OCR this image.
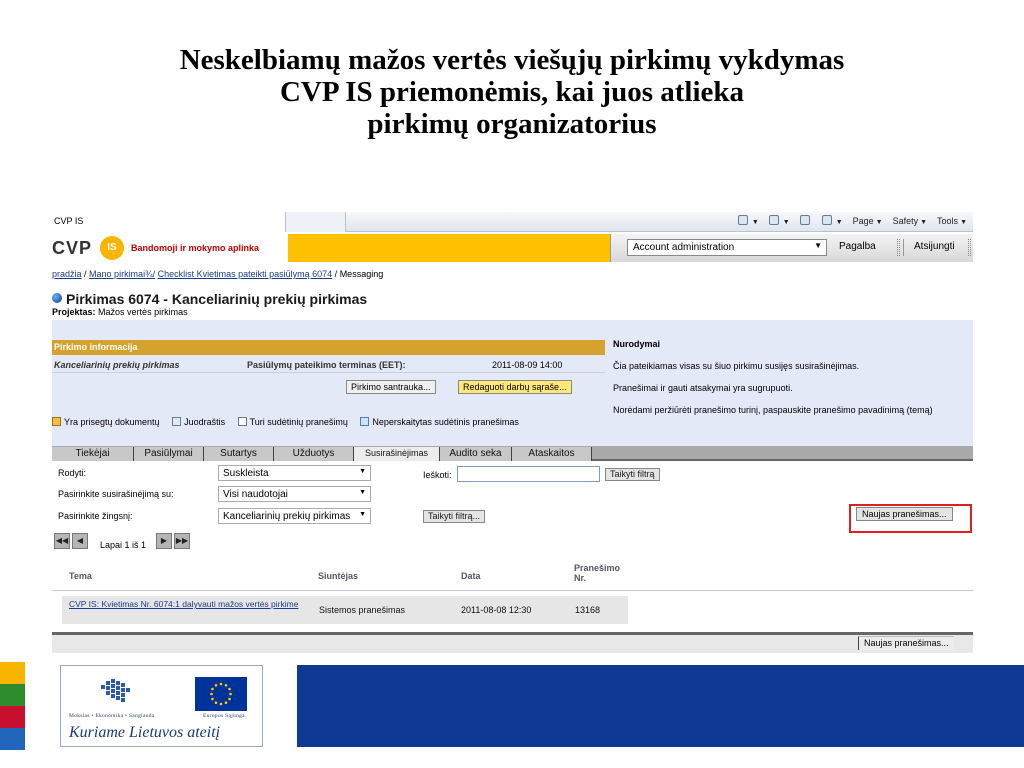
Neskelbiamų mažos vertės viešųjų pirkimų vykdymas
CVP IS priemonėmis, kai juos atlieka
pirkimų organizatorius
CVP IS	▼	▼	▼ Page ▼ Safety ▼ Tools ▼
CVP	IS	Bandomoji ir mokymo aplinka	Account administration	▼	Pagalba	Atsijungti
pradžia / Mano pirkimai¾/ Checklist Kvietimas pateikti pasiūlymą 6074 / Messaging
Pirkimas 6074 - Kanceliarinių prekių pirkimas
Projektas: Mažos vertės pirkimas
Pirkimo informacija
Kanceliarinių prekių pirkimas	Pasiūlymų pateikimo terminas (EET):	2011-08-09 14:00
Pirkimo santrauka...	Redaguoti darbų sąraše...
Yra prisegtų dokumentų	Juodraštis	Turi sudėtinių pranešimų	Neperskaitytas sudėtinis pranešimas
Nurodymai
Čia pateikiamas visas su šiuo pirkimu susijęs susirašinėjimas.
Pranešimai ir gauti atsakymai yra sugrupuoti.
Norėdami peržiūrėti pranešimo turinį, paspauskite pranešimo pavadinimą (temą)
Tiekėjai	Pasiūlymai	Sutartys	Užduotys	Susirašinėjimas	Audito seka	Ataskaitos
Rodyti:	Suskleista	▼	Ieškoti:	Taikyti filtrą
Pasirinkite susirašinėjimą su:	Visi naudotojai	▼
Pasirinkite žingsnį:	Kanceliarinių prekių pirkimas ▼	Taikyti filtrą...	Naujas pranešimas...
◀◀	◀	Lapai 1 iš 1	▶	▶▶
Tema	Siuntėjas	Data
Pranešimo
Nr.
CVP IS: Kvietimas Nr. 6074:1 dalyvauti mažos vertės pirkime
Sistemos pranešimas	2011-08-08 12:30	13168
Naujas pranešimas...
Mokslas • Ekonomika • Sanglauda	Europos Sąjunga
Kuriame Lietuvos ateitį
